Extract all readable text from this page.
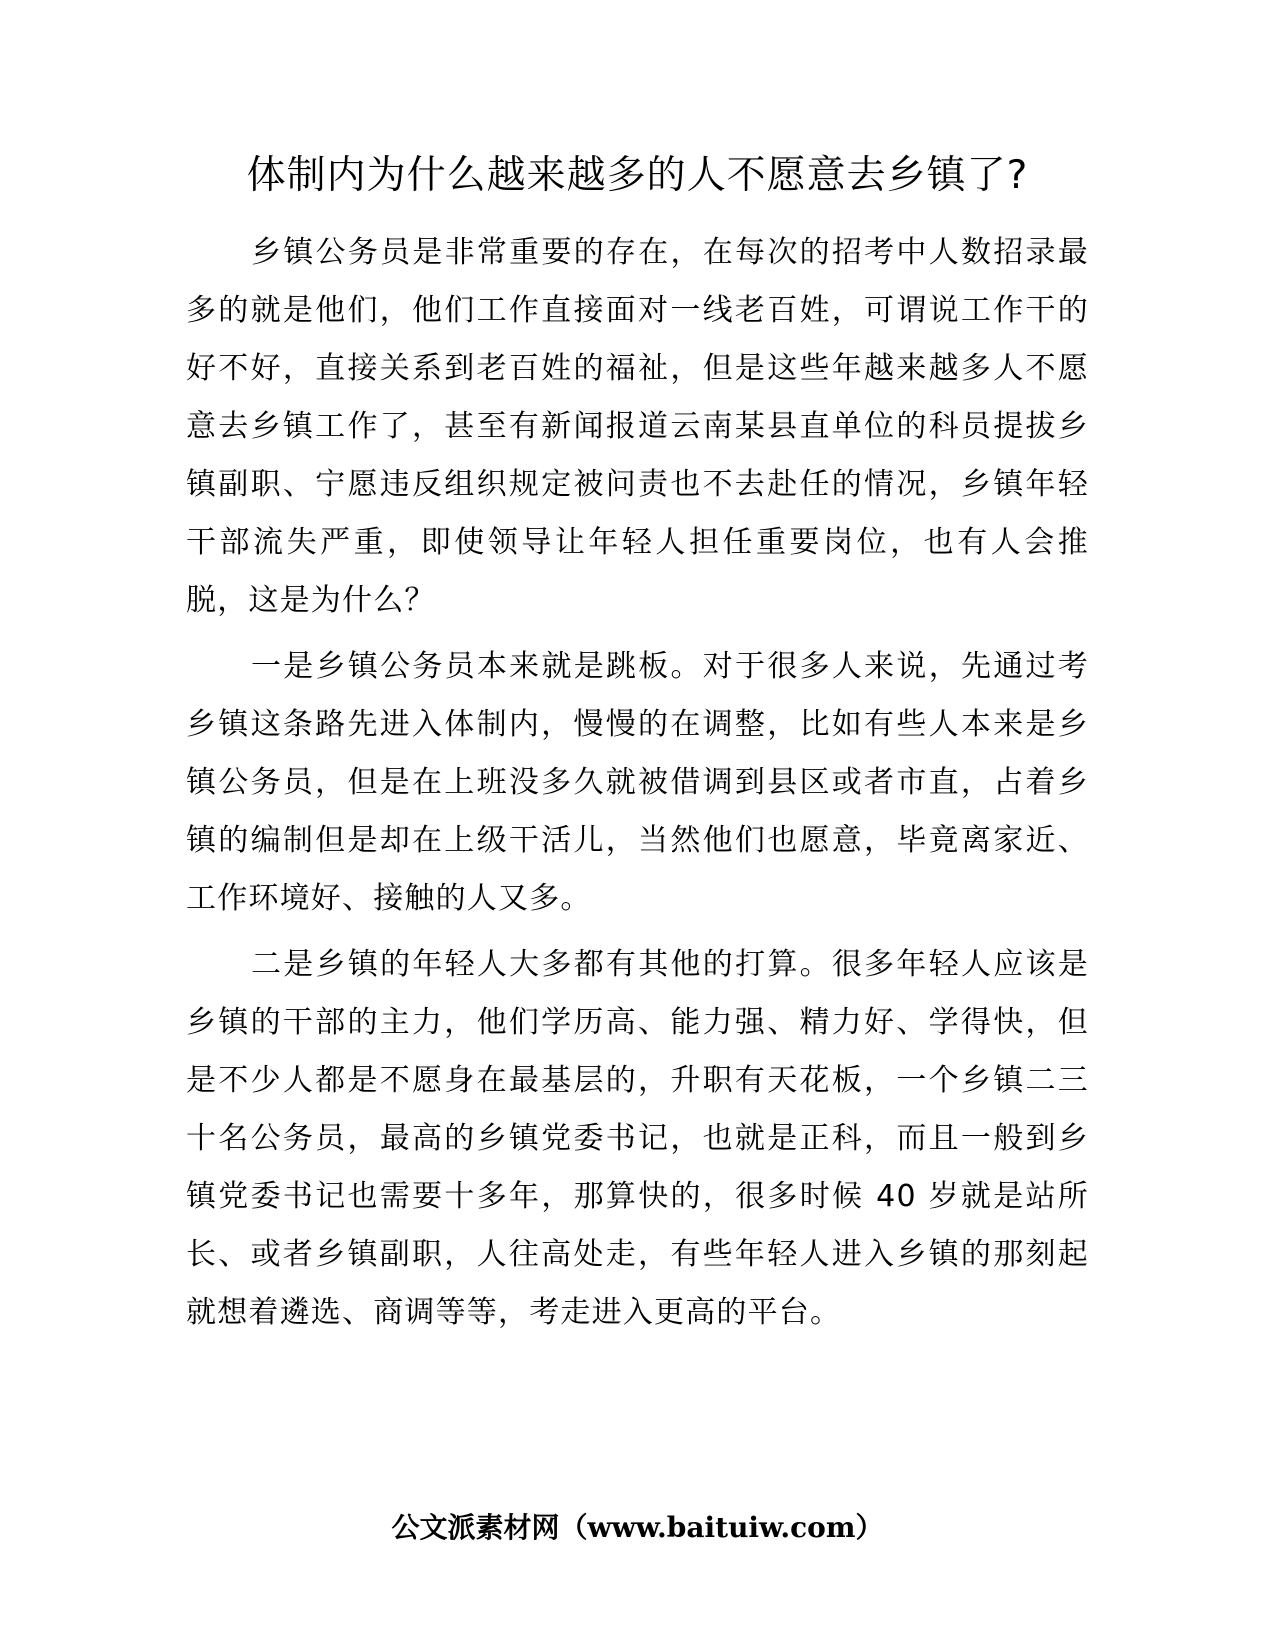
体制内为什么越来越多的人不愿意去乡镇了?

乡镇公务员是非常重要的存在，在每次的招考中人数招录最多的就是他们，他们工作直接面对一线老百姓，可谓说工作干的好不好，直接关系到老百姓的福祉，但是这些年越来越多人不愿意去乡镇工作了，甚至有新闻报道云南某县直单位的科员提拔乡镇副职、宁愿违反组织规定被问责也不去赴任的情况，乡镇年轻干部流失严重，即使领导让年轻人担任重要岗位，也有人会推脱，这是为什么？

一是乡镇公务员本来就是跳板。对于很多人来说，先通过考乡镇这条路先进入体制内，慢慢的在调整，比如有些人本来是乡镇公务员，但是在上班没多久就被借调到县区或者市直，占着乡镇的编制但是却在上级干活儿，当然他们也愿意，毕竟离家近、工作环境好、接触的人又多。

二是乡镇的年轻人大多都有其他的打算。很多年轻人应该是乡镇的干部的主力，他们学历高、能力强、精力好、学得快，但是不少人都是不愿身在最基层的，升职有天花板，一个乡镇二三十名公务员，最高的乡镇党委书记，也就是正科，而且一般到乡镇党委书记也需要十多年，那算快的，很多时候 40 岁就是站所长、或者乡镇副职，人往高处走，有些年轻人进入乡镇的那刻起就想着遴选、商调等等，考走进入更高的平台。

公文派素材网（www.baituiw.com）
